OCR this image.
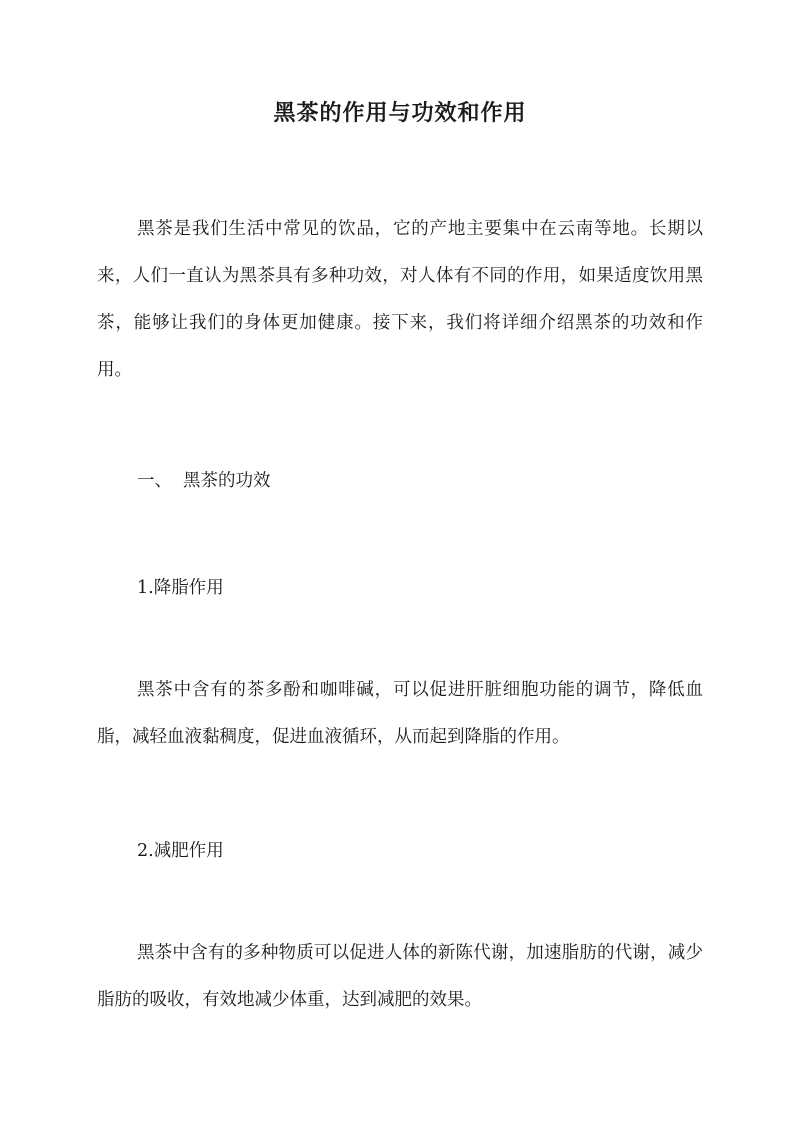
黑茶的作用与功效和作用

黑茶是我们生活中常见的饮品，它的产地主要集中在云南等地。长期以来，人们一直认为黑茶具有多种功效，对人体有不同的作用，如果适度饮用黑茶，能够让我们的身体更加健康。接下来，我们将详细介绍黑茶的功效和作用。

一、 黑茶的功效

1.降脂作用

黑茶中含有的茶多酚和咖啡碱，可以促进肝脏细胞功能的调节，降低血脂，减轻血液黏稠度，促进血液循环，从而起到降脂的作用。

2.减肥作用

黑茶中含有的多种物质可以促进人体的新陈代谢，加速脂肪的代谢，减少脂肪的吸收，有效地减少体重，达到减肥的效果。
